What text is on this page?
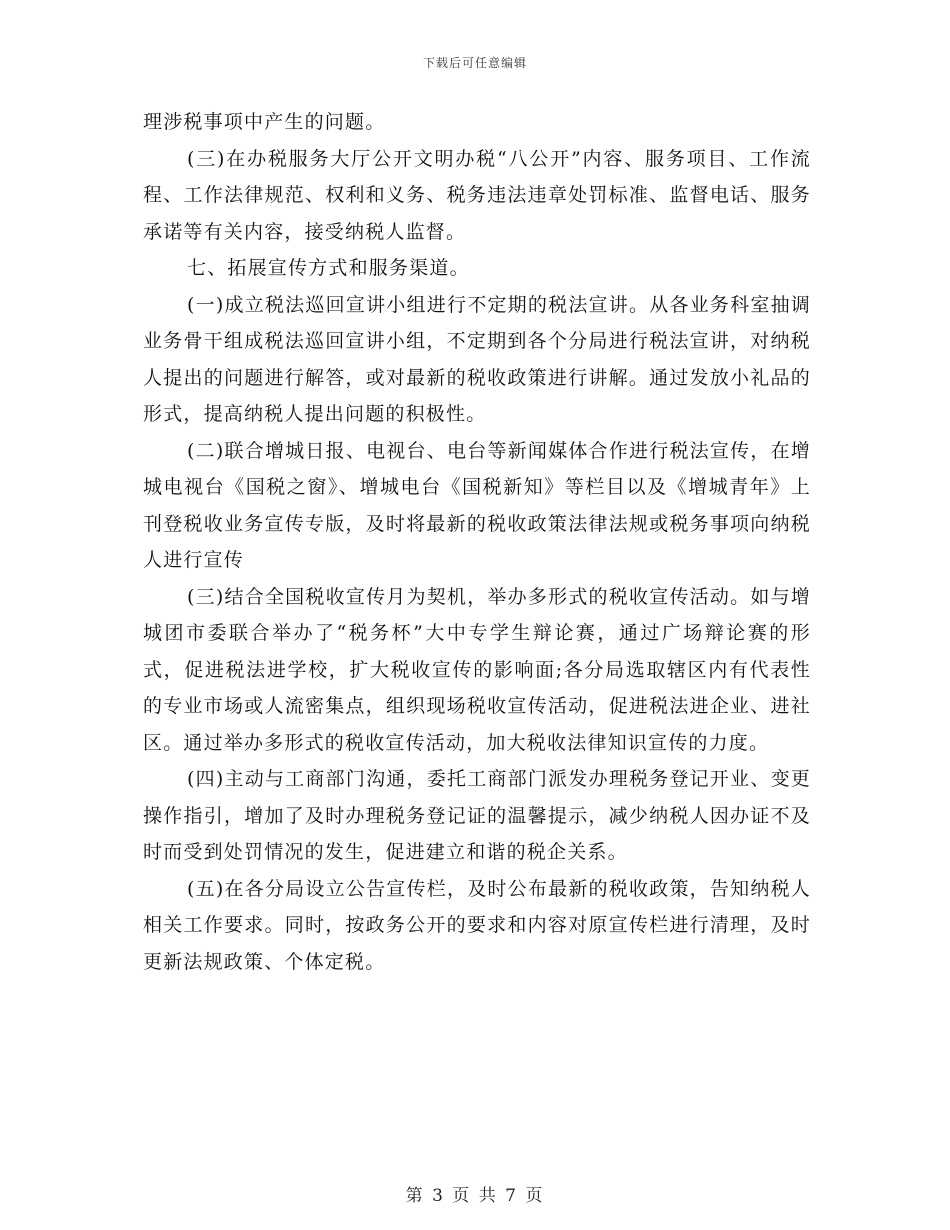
下载后可任意编辑

理涉税事项中产生的问题。

(三)在办税服务大厅公开文明办税“八公开”内容、服务项目、工作流程、工作法律规范、权利和义务、税务违法违章处罚标准、监督电话、服务承诺等有关内容，接受纳税人监督。

七、拓展宣传方式和服务渠道。

(一)成立税法巡回宣讲小组进行不定期的税法宣讲。从各业务科室抽调业务骨干组成税法巡回宣讲小组，不定期到各个分局进行税法宣讲，对纳税人提出的问题进行解答，或对最新的税收政策进行讲解。通过发放小礼品的形式，提高纳税人提出问题的积极性。

(二)联合增城日报、电视台、电台等新闻媒体合作进行税法宣传，在增城电视台《国税之窗》、增城电台《国税新知》等栏目以及《增城青年》上刊登税收业务宣传专版，及时将最新的税收政策法律法规或税务事项向纳税人进行宣传

(三)结合全国税收宣传月为契机，举办多形式的税收宣传活动。如与增城团市委联合举办了“税务杯”大中专学生辩论赛，通过广场辩论赛的形式，促进税法进学校，扩大税收宣传的影响面;各分局选取辖区内有代表性的专业市场或人流密集点，组织现场税收宣传活动，促进税法进企业、进社区。通过举办多形式的税收宣传活动，加大税收法律知识宣传的力度。

(四)主动与工商部门沟通，委托工商部门派发办理税务登记开业、变更操作指引，增加了及时办理税务登记证的温馨提示，减少纳税人因办证不及时而受到处罚情况的发生，促进建立和谐的税企关系。

(五)在各分局设立公告宣传栏，及时公布最新的税收政策，告知纳税人相关工作要求。同时，按政务公开的要求和内容对原宣传栏进行清理，及时更新法规政策、个体定税。

第 3 页 共 7 页
